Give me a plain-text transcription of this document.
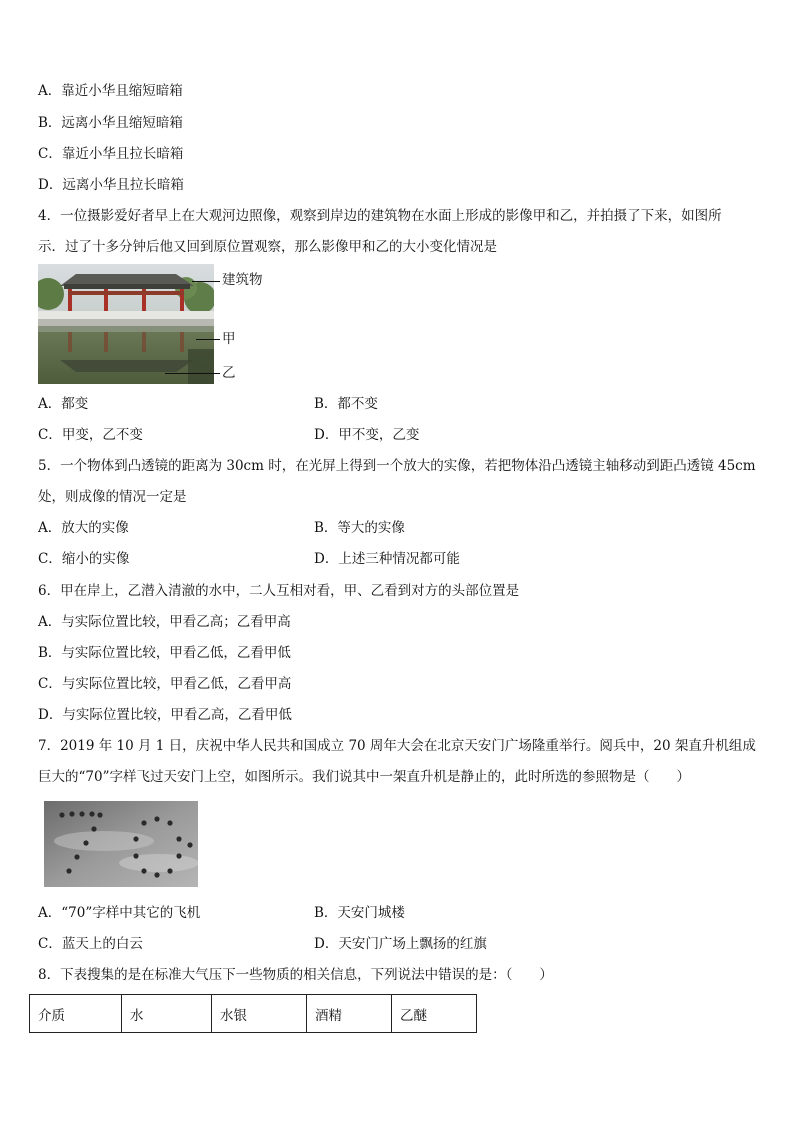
A．靠近小华且缩短暗箱
B．远离小华且缩短暗箱
C．靠近小华且拉长暗箱
D．远离小华且拉长暗箱
4．一位摄影爱好者早上在大观河边照像，观察到岸边的建筑物在水面上形成的影像甲和乙，并拍摄了下来，如图所
示．过了十多分钟后他又回到原位置观察，那么影像甲和乙的大小变化情况是
建筑物
甲
乙
A．都变	B．都不变
C．甲变，乙不变	D．甲不变，乙变
5．一个物体到凸透镜的距离为 30cm 时，在光屏上得到一个放大的实像，若把物体沿凸透镜主轴移动到距凸透镜 45cm
处，则成像的情况一定是
A．放大的实像	B．等大的实像
C．缩小的实像	D．上述三种情况都可能
6．甲在岸上，乙潜入清澈的水中，二人互相对看，甲、乙看到对方的头部位置是
A．与实际位置比较，甲看乙高；乙看甲高
B．与实际位置比较，甲看乙低，乙看甲低
C．与实际位置比较，甲看乙低，乙看甲高
D．与实际位置比较，甲看乙高，乙看甲低
7．2019 年 10 月 1 日，庆祝中华人民共和国成立 70 周年大会在北京天安门广场隆重举行。阅兵中，20 架直升机组成
巨大的“70”字样飞过天安门上空，如图所示。我们说其中一架直升机是静止的，此时所选的参照物是（　　）
A．“70”字样中其它的飞机	B．天安门城楼
C．蓝天上的白云	D．天安门广场上飘扬的红旗
8．下表搜集的是在标准大气压下一些物质的相关信息，下列说法中错误的是：（　　）
介质	水	水银	酒精	乙醚
